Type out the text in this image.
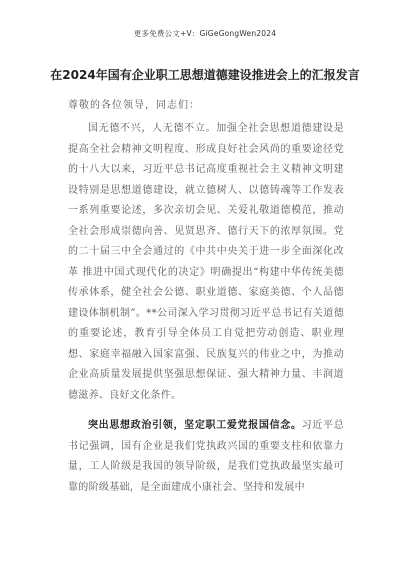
更多免费公文+V：GiGeGongWen2024
在2024年国有企业职工思想道德建设推进会上的汇报发言
尊敬的各位领导，同志们：

国无德不兴，人无德不立。加强全社会思想道德建设是提高全社会精神文明程度、形成良好社会风尚的重要途径党的十八大以来，习近平总书记高度重视社会主义精神文明建设特别是思想道德建设，就立德树人、以德铸魂等工作发表一系列重要论述，多次亲切会见、关爱礼敬道德模范，推动全社会形成崇德向善、见贤思齐、德行天下的浓厚氛围。党的二十届三中全会通过的《中共中央关于进一步全面深化改革 推进中国式现代化的决定》明确提出“构建中华传统美德传承体系，健全社会公德、职业道德、家庭美德、个人品德建设体制机制”。**公司深入学习贯彻习近平总书记有关道德的重要论述，教育引导全体员工自觉把劳动创造、职业理想、家庭幸福融入国家富强、民族复兴的伟业之中，为推动企业高质量发展提供坚强思想保证、强大精神力量、丰润道德滋养、良好文化条件。

突出思想政治引领，坚定职工爱党报国信念。习近平总书记强调，国有企业是我们党执政兴国的重要支柱和依靠力量，工人阶级是我国的领导阶级，是我们党执政最坚实最可靠的阶级基础，是全面建成小康社会、坚持和发展中
